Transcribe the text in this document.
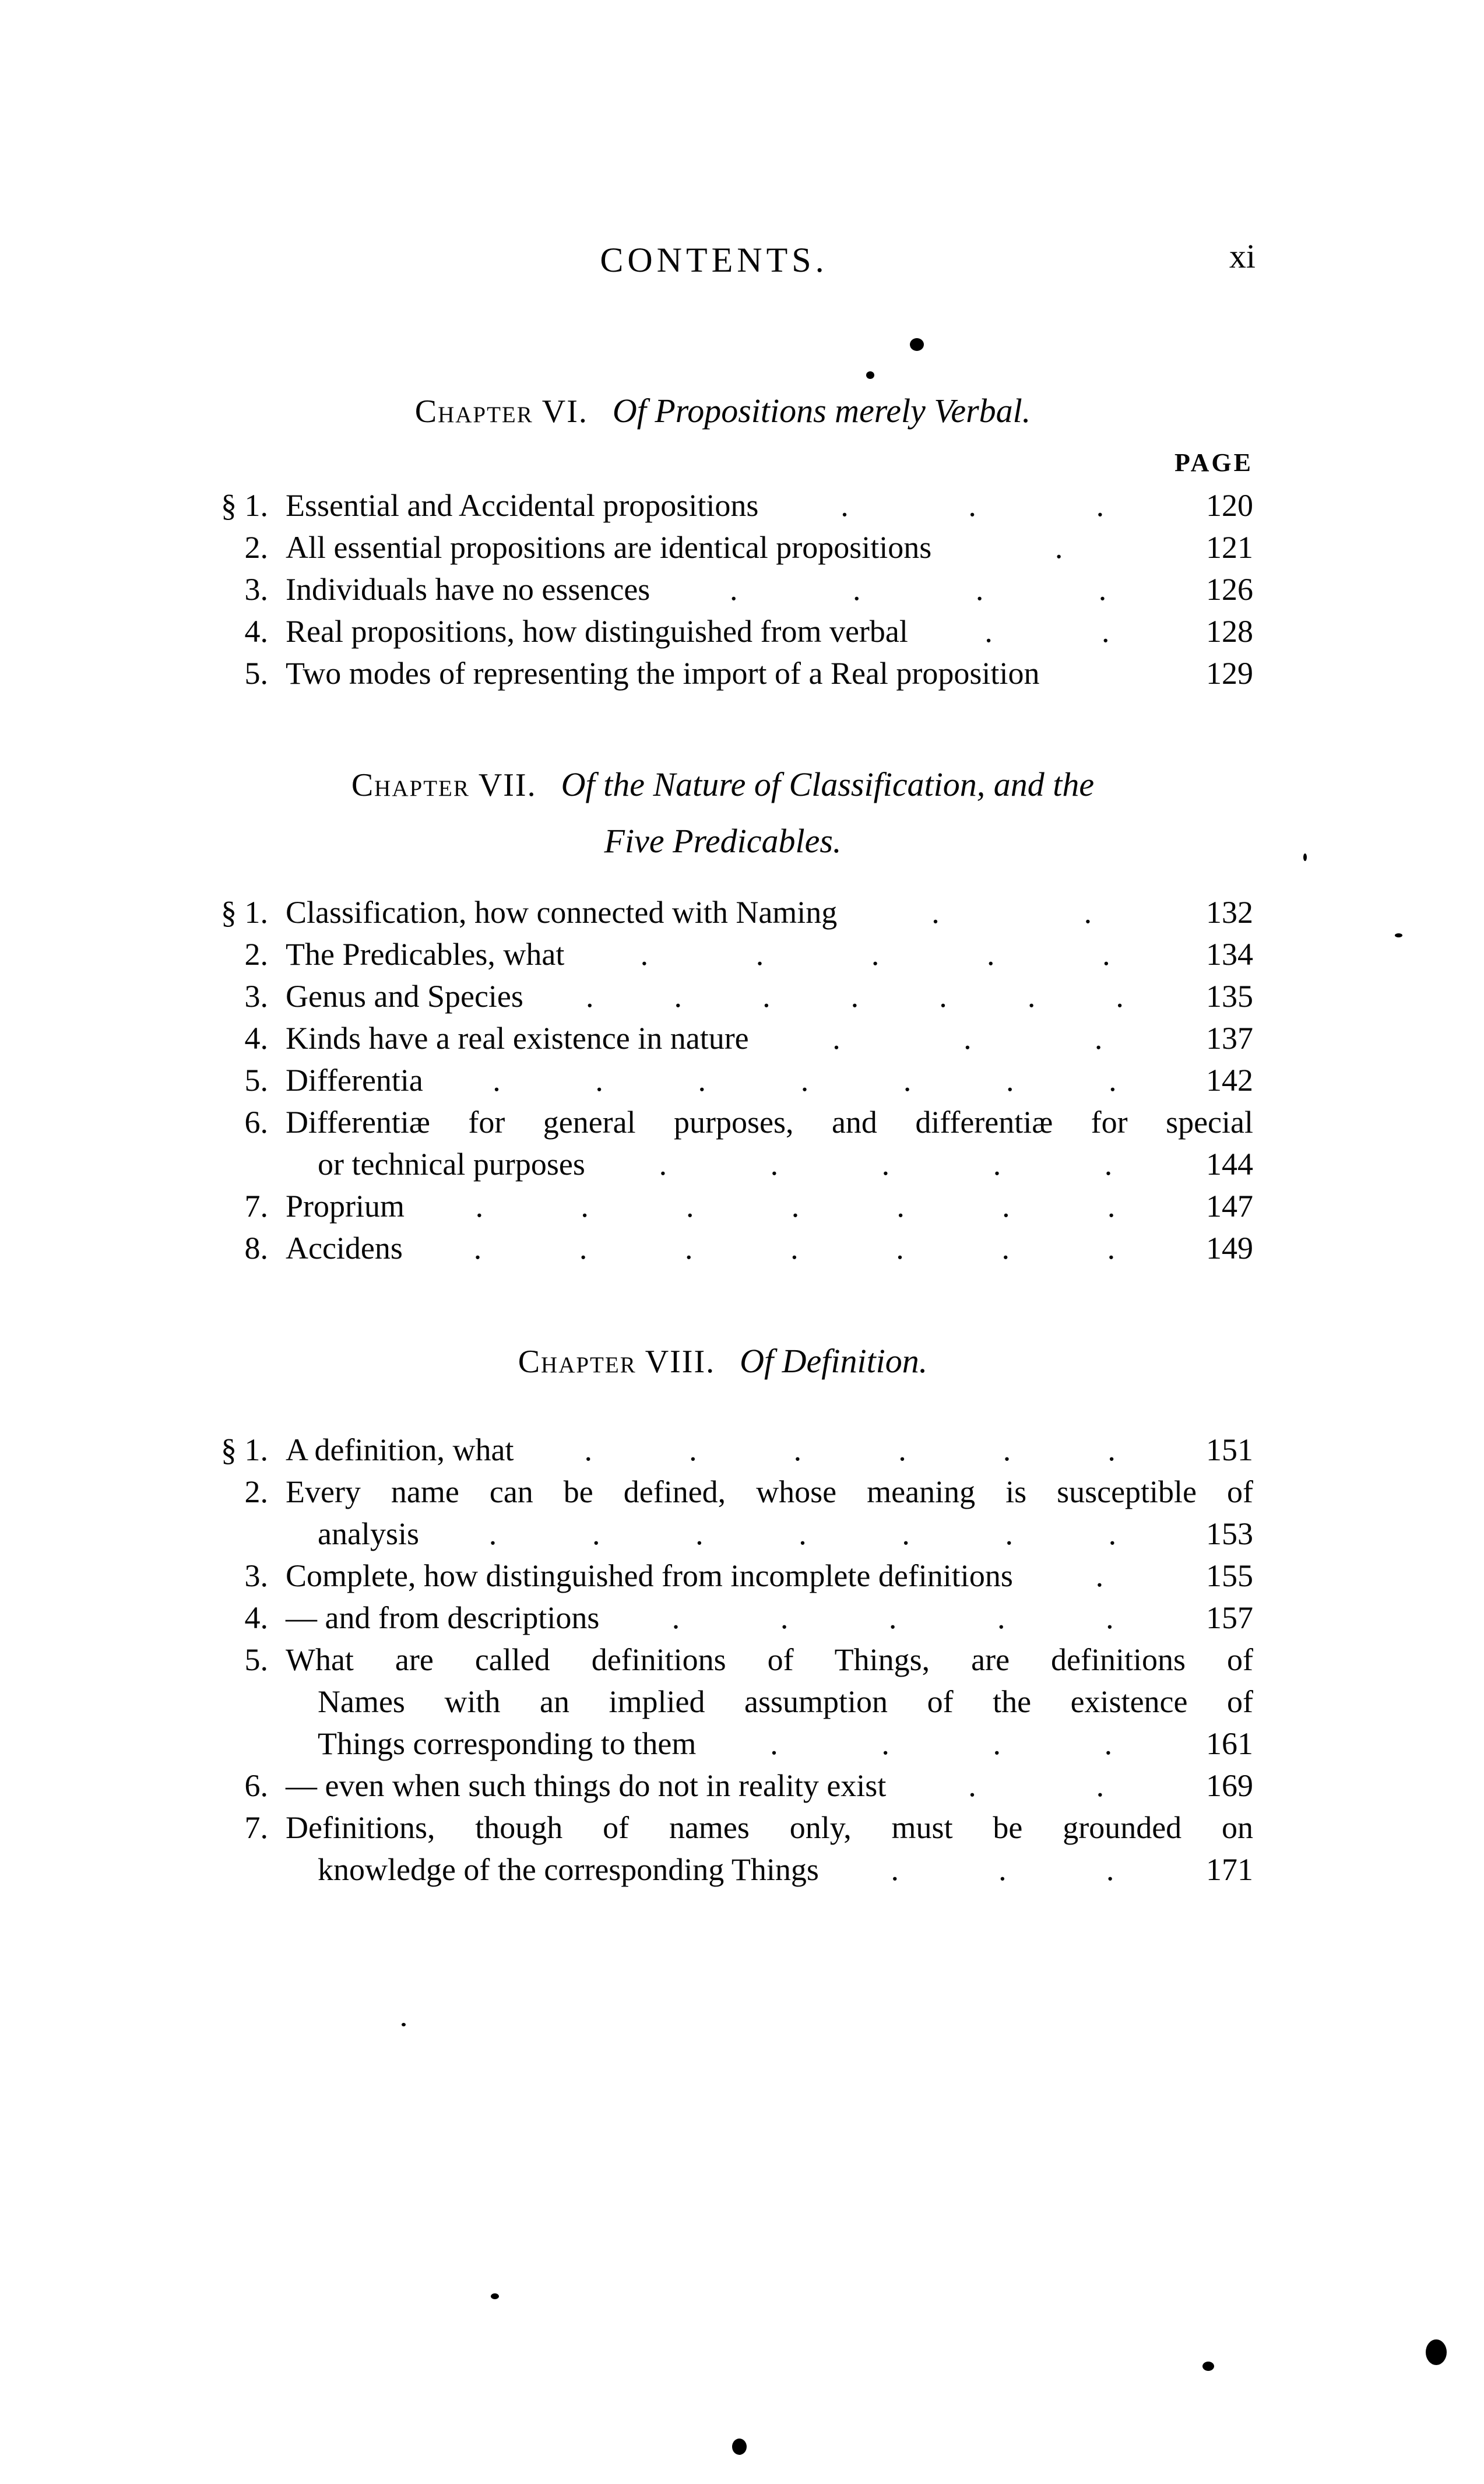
CONTENTS.	xi
PAGE
Chapter VI. Of Propositions merely Verbal.
§ 1. Essential and Accidental propositions	.	.	.	120
2. All essential propositions are identical propositions	.	121
3. Individuals have no essences	.	.	.	.	126
4. Real propositions, how distinguished from verbal .	.	128
5. Two modes of representing the import of a Real proposition	129
Chapter VII. Of the Nature of Classification, and the
Five Predicables.
§ 1. Classification, how connected with Naming	.	.	132
2. The Predicables, what .	.	.	.	.	134
3. Genus and Species .	.	.	.	.	.	.	135
4. Kinds have a real existence in nature	.	.	.	137
5. Differentia .	.	.	.	.	.	.	142
6. Differentiæ for general purposes, and differentiæ for special
or technical purposes .	.	.	.	.	144
7. Proprium .	.	.	.	.	.	.	147
8. Accidens .	.	.	.	.	.	.	149
Chapter VIII. Of Definition.
§ 1. A definition, what .	.	.	.	.	.	151
2. Every name can be defined, whose meaning is susceptible of
analysis .	.	.	.	.	.	.	153
3. Complete, how distinguished from incomplete definitions	.	155
4. — and from descriptions .	.	.	.	.	157
5. What are called definitions of Things, are definitions of
Names with an implied assumption of the existence of
Things corresponding to them .	.	.	.	161
6. — even when such things do not in reality exist	.	.	169
7. Definitions, though of names only, must be grounded on
knowledge of the corresponding Things .	.	.	171
